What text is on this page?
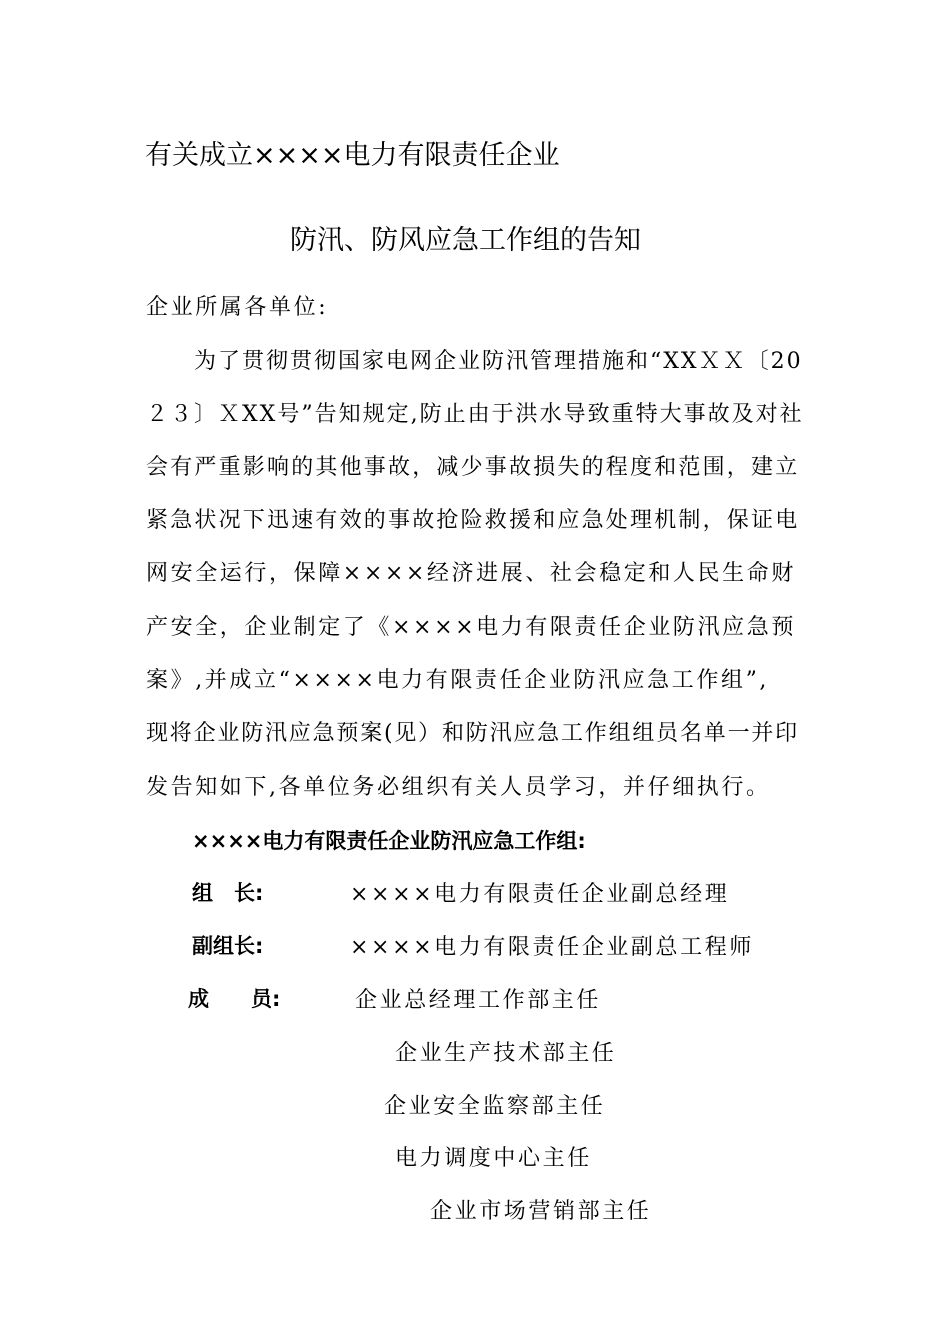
有关成立××××电力有限责任企业
防汛、防风应急工作组的告知
企业所属各单位:
　　为了贯彻贯彻国家电网企业防汛管理措施和“XXＸＸ〔20
２３〕ＸXX号”告知规定,防止由于洪水导致重特大事故及对社
会有严重影响的其他事故，减少事故损失的程度和范围，建立
紧急状况下迅速有效的事故抢险救援和应急处理机制，保证电
网安全运行，保障××××经济进展、社会稳定和人民生命财
产安全，企业制定了《××××电力有限责任企业防汛应急预
案》,并成立“××××电力有限责任企业防汛应急工作组”,
现将企业防汛应急预案(见）和防汛应急工作组组员名单一并印
发告知如下,各单位务必组织有关人员学习，并仔细执行。
××××电力有限责任企业防汛应急工作组:
组　长:	××××电力有限责任企业副总经理
副组长:	××××电力有限责任企业副总工程师
成　　员:	企业总经理工作部主任
企业生产技术部主任
企业安全监察部主任
电力调度中心主任
企业市场营销部主任
